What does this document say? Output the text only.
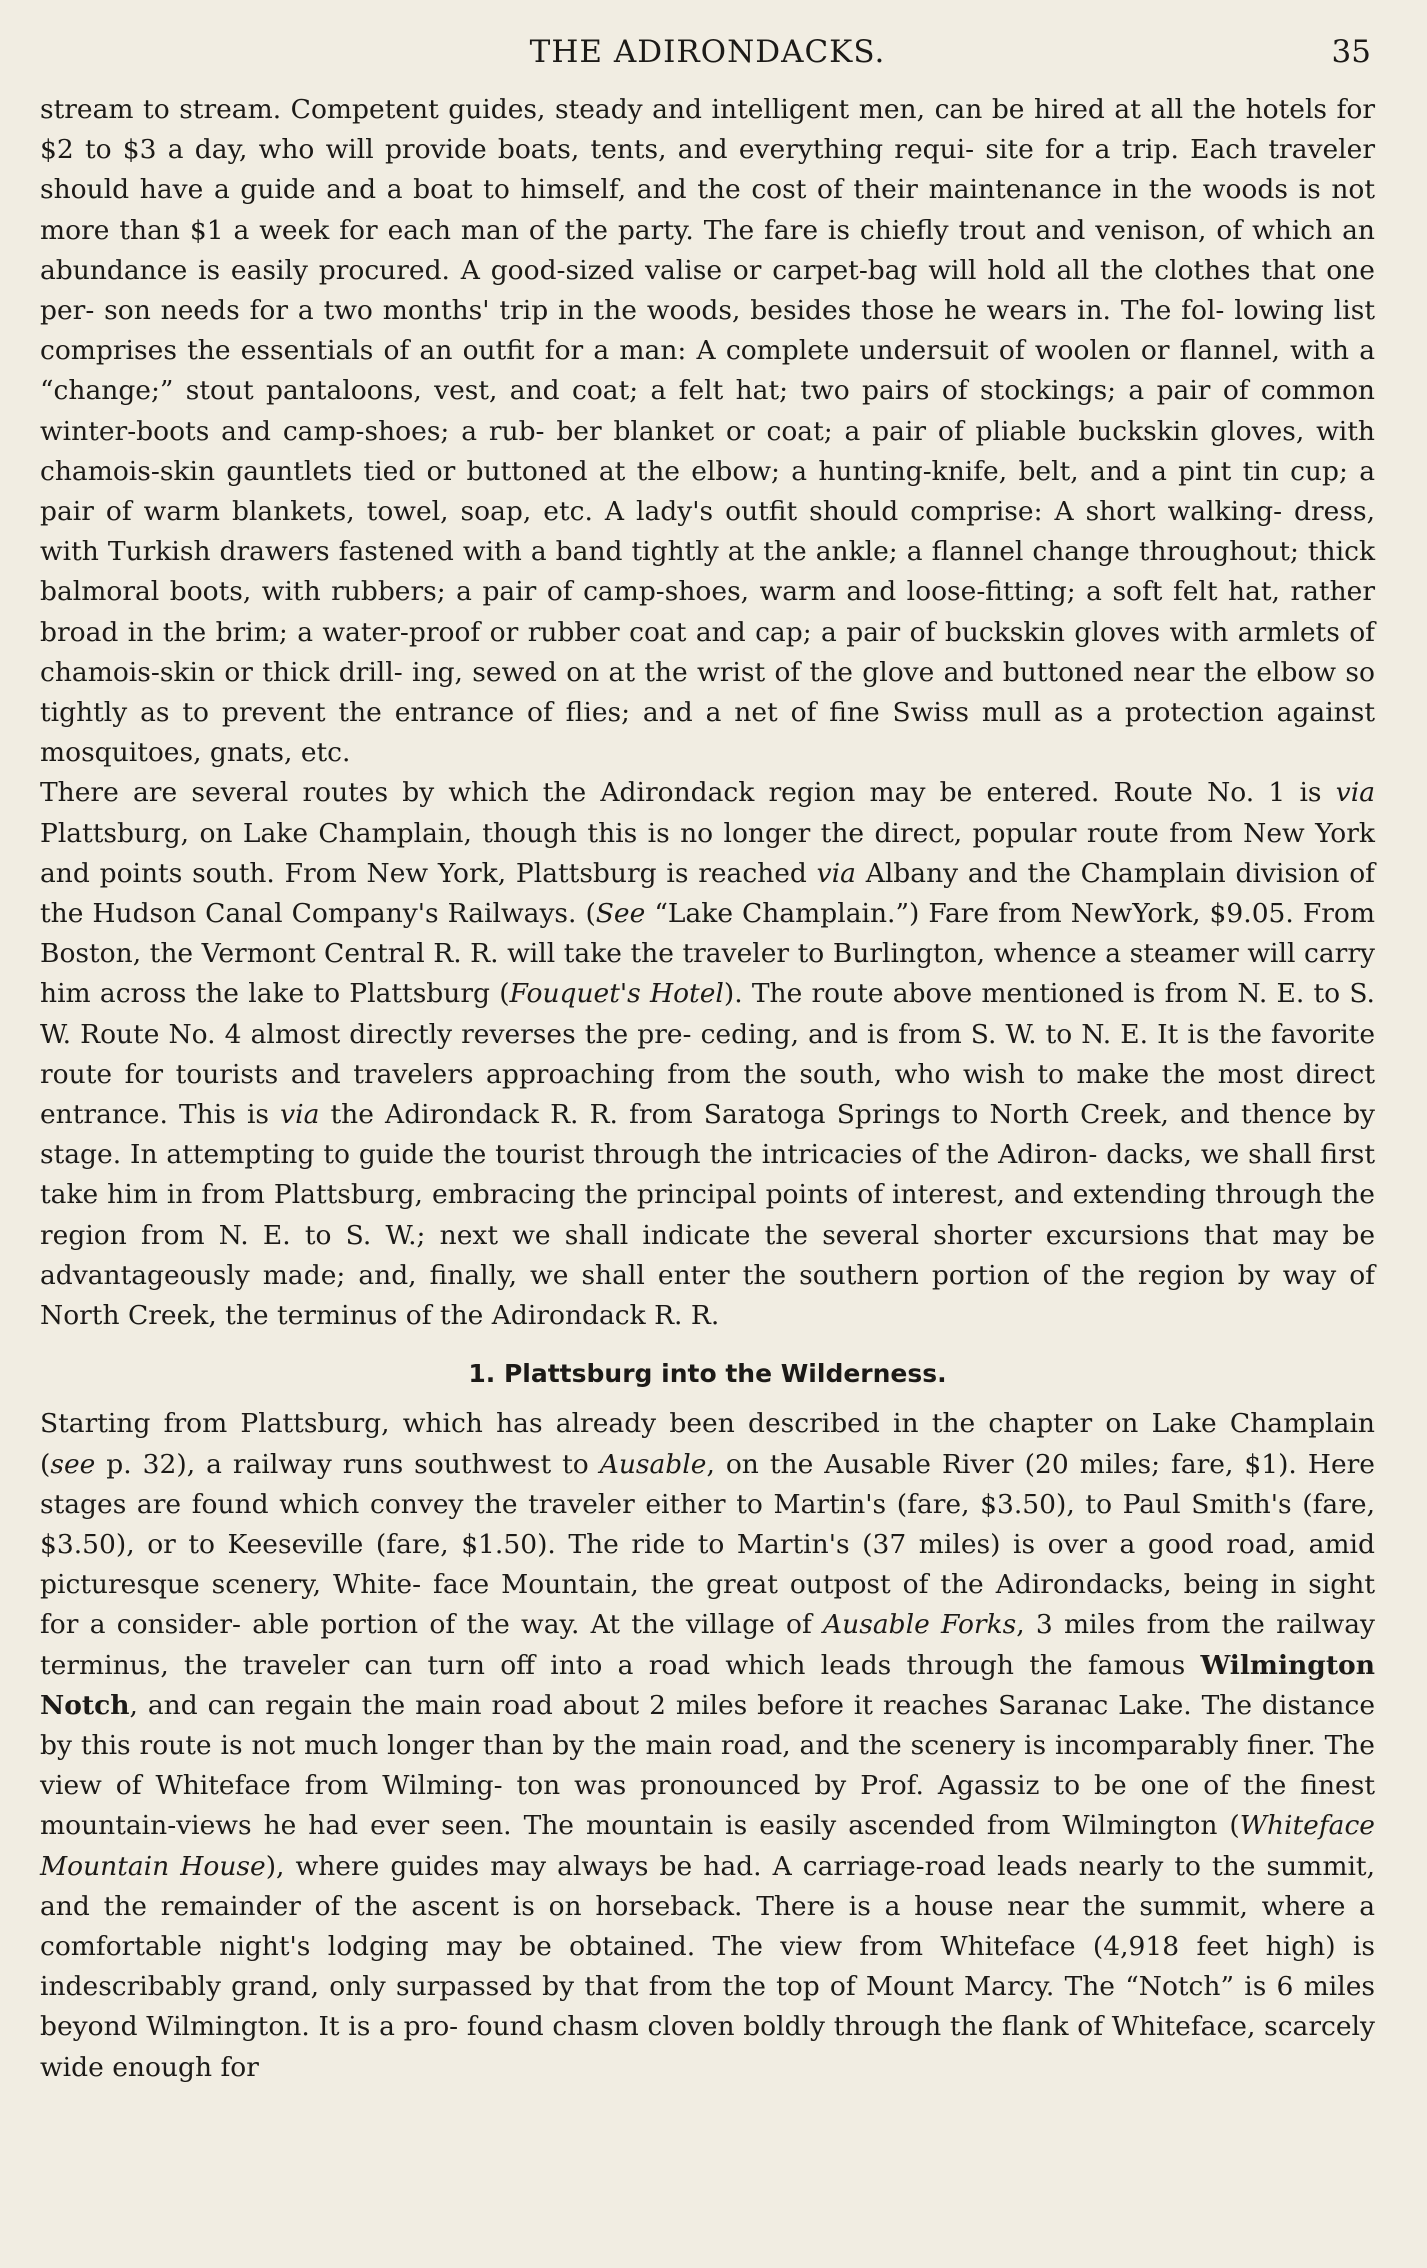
THE ADIRONDACKS.	35

stream to stream. Competent guides, steady and intelligent men, can be hired at all the hotels for $2 to $3 a day, who will provide boats, tents, and everything requi- site for a trip. Each traveler should have a guide and a boat to himself, and the cost of their maintenance in the woods is not more than $1 a week for each man of the party. The fare is chiefly trout and venison, of which an abundance is easily procured. A good-sized valise or carpet-bag will hold all the clothes that one per- son needs for a two months' trip in the woods, besides those he wears in. The fol- lowing list comprises the essentials of an outfit for a man: A complete undersuit of woolen or flannel, with a “change;” stout pantaloons, vest, and coat; a felt hat; two pairs of stockings; a pair of common winter-boots and camp-shoes; a rub- ber blanket or coat; a pair of pliable buckskin gloves, with chamois-skin gauntlets tied or buttoned at the elbow; a hunting-knife, belt, and a pint tin cup; a pair of warm blankets, towel, soap, etc. A lady's outfit should comprise: A short walking- dress, with Turkish drawers fastened with a band tightly at the ankle; a flannel change throughout; thick balmoral boots, with rubbers; a pair of camp-shoes, warm and loose-fitting; a soft felt hat, rather broad in the brim; a water-proof or rubber coat and cap; a pair of buckskin gloves with armlets of chamois-skin or thick drill- ing, sewed on at the wrist of the glove and buttoned near the elbow so tightly as to prevent the entrance of flies; and a net of fine Swiss mull as a protection against mosquitoes, gnats, etc.

There are several routes by which the Adirondack region may be entered. Route No. 1 is via Plattsburg, on Lake Champlain, though this is no longer the direct, popular route from New York and points south. From New York, Plattsburg is reached via Albany and the Champlain division of the Hudson Canal Company's Railways. (See “Lake Champlain.”) Fare from NewYork, $9.05. From Boston, the Vermont Central R. R. will take the traveler to Burlington, whence a steamer will carry him across the lake to Plattsburg (Fouquet's Hotel). The route above mentioned is from N. E. to S. W. Route No. 4 almost directly reverses the pre- ceding, and is from S. W. to N. E. It is the favorite route for tourists and travelers approaching from the south, who wish to make the most direct entrance. This is via the Adirondack R. R. from Saratoga Springs to North Creek, and thence by stage. In attempting to guide the tourist through the intricacies of the Adiron- dacks, we shall first take him in from Plattsburg, embracing the principal points of interest, and extending through the region from N. E. to S. W.; next we shall indicate the several shorter excursions that may be advantageously made; and, finally, we shall enter the southern portion of the region by way of North Creek, the terminus of the Adirondack R. R.

1. Plattsburg into the Wilderness.

Starting from Plattsburg, which has already been described in the chapter on Lake Champlain (see p. 32), a railway runs southwest to Ausable, on the Ausable River (20 miles; fare, $1). Here stages are found which convey the traveler either to Martin's (fare, $3.50), to Paul Smith's (fare, $3.50), or to Keeseville (fare, $1.50). The ride to Martin's (37 miles) is over a good road, amid picturesque scenery, White- face Mountain, the great outpost of the Adirondacks, being in sight for a consider- able portion of the way. At the village of Ausable Forks, 3 miles from the railway terminus, the traveler can turn off into a road which leads through the famous Wilmington Notch, and can regain the main road about 2 miles before it reaches Saranac Lake. The distance by this route is not much longer than by the main road, and the scenery is incomparably finer. The view of Whiteface from Wilming- ton was pronounced by Prof. Agassiz to be one of the finest mountain-views he had ever seen. The mountain is easily ascended from Wilmington (Whiteface Mountain House), where guides may always be had. A carriage-road leads nearly to the summit, and the remainder of the ascent is on horseback. There is a house near the summit, where a comfortable night's lodging may be obtained. The view from Whiteface (4,918 feet high) is indescribably grand, only surpassed by that from the top of Mount Marcy. The “Notch” is 6 miles beyond Wilmington. It is a pro- found chasm cloven boldly through the flank of Whiteface, scarcely wide enough for
